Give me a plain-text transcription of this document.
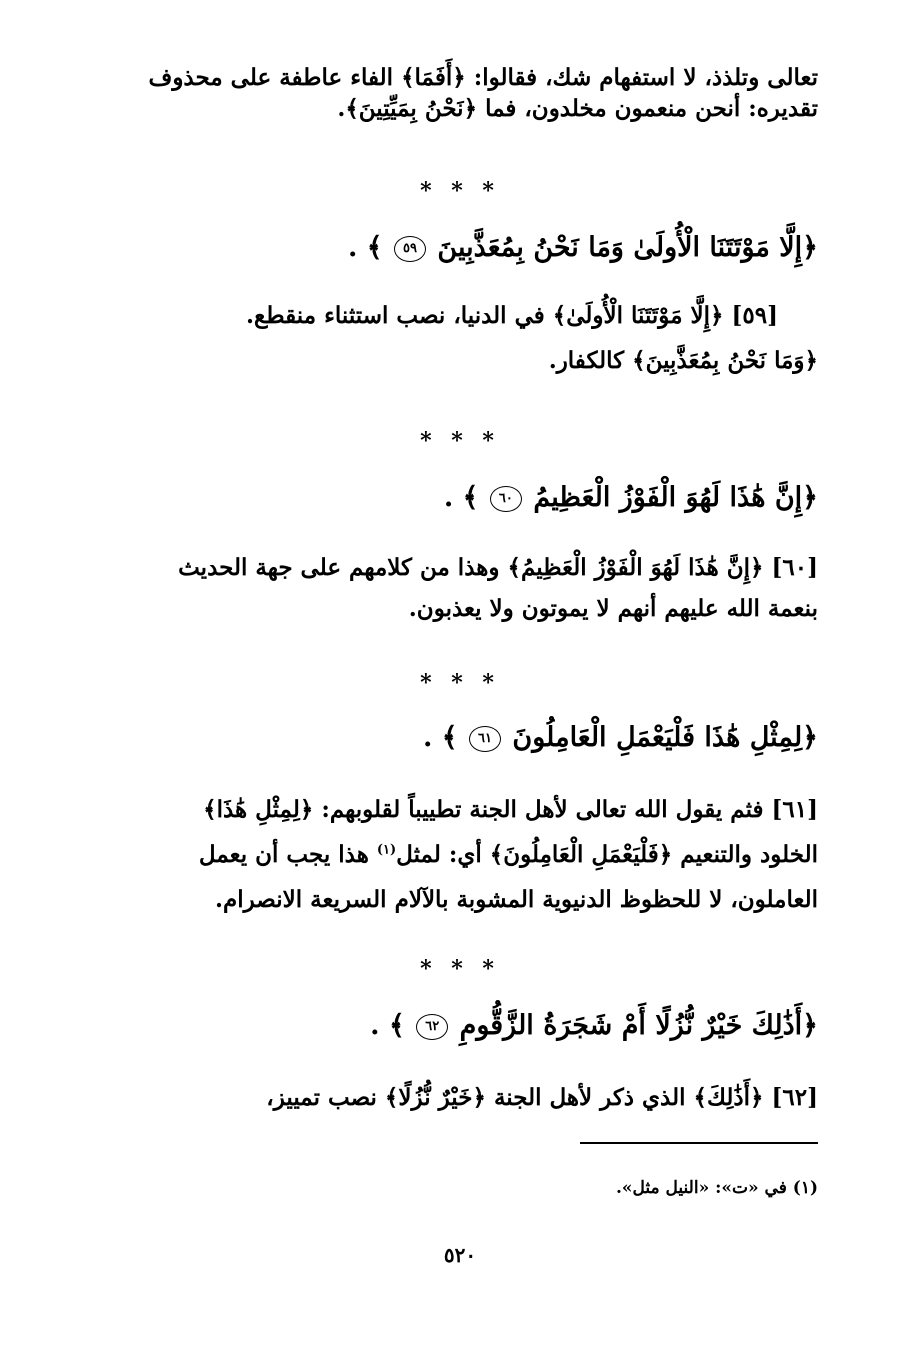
تعالى وتلذذ، لا استفهام شك، فقالوا: ﴿أَفَمَا﴾ الفاء عاطفة على محذوف
تقديره: أنحن منعمون مخلدون، فما ﴿نَحْنُ بِمَيِّتِينَ﴾.
* * *
﴿إِلَّا مَوْتَتَنَا الْأُولَىٰ وَمَا نَحْنُ بِمُعَذَّبِينَ ٥٩ ﴾ .
[٥٩] ﴿إِلَّا مَوْتَتَنَا الْأُولَىٰ﴾ في الدنيا، نصب استثناء منقطع.
﴿وَمَا نَحْنُ بِمُعَذَّبِينَ﴾ كالكفار.
* * *
﴿إِنَّ هَٰذَا لَهُوَ الْفَوْزُ الْعَظِيمُ ٦٠ ﴾ .
[٦٠] ﴿إِنَّ هَٰذَا لَهُوَ الْفَوْزُ الْعَظِيمُ﴾ وهذا من كلامهم على جهة الحديث
بنعمة الله عليهم أنهم لا يموتون ولا يعذبون.
* * *
﴿لِمِثْلِ هَٰذَا فَلْيَعْمَلِ الْعَامِلُونَ ٦١ ﴾ .
[٦١] فثم يقول الله تعالى لأهل الجنة تطييباً لقلوبهم: ﴿لِمِثْلِ هَٰذَا﴾
الخلود والتنعيم ﴿فَلْيَعْمَلِ الْعَامِلُونَ﴾ أي: لمثل$^{(١)}$ هذا يجب أن يعمل
العاملون، لا للحظوظ الدنيوية المشوبة بالآلام السريعة الانصرام.
* * *
﴿أَذَٰلِكَ خَيْرٌ نُّزُلًا أَمْ شَجَرَةُ الزَّقُّومِ ٦٢ ﴾ .
[٦٢] ﴿أَذَٰلِكَ﴾ الذي ذكر لأهل الجنة ﴿خَيْرٌ نُّزُلًا﴾ نصب تمييز،
(١) في «ت»: «النيل مثل».
٥٢٠
